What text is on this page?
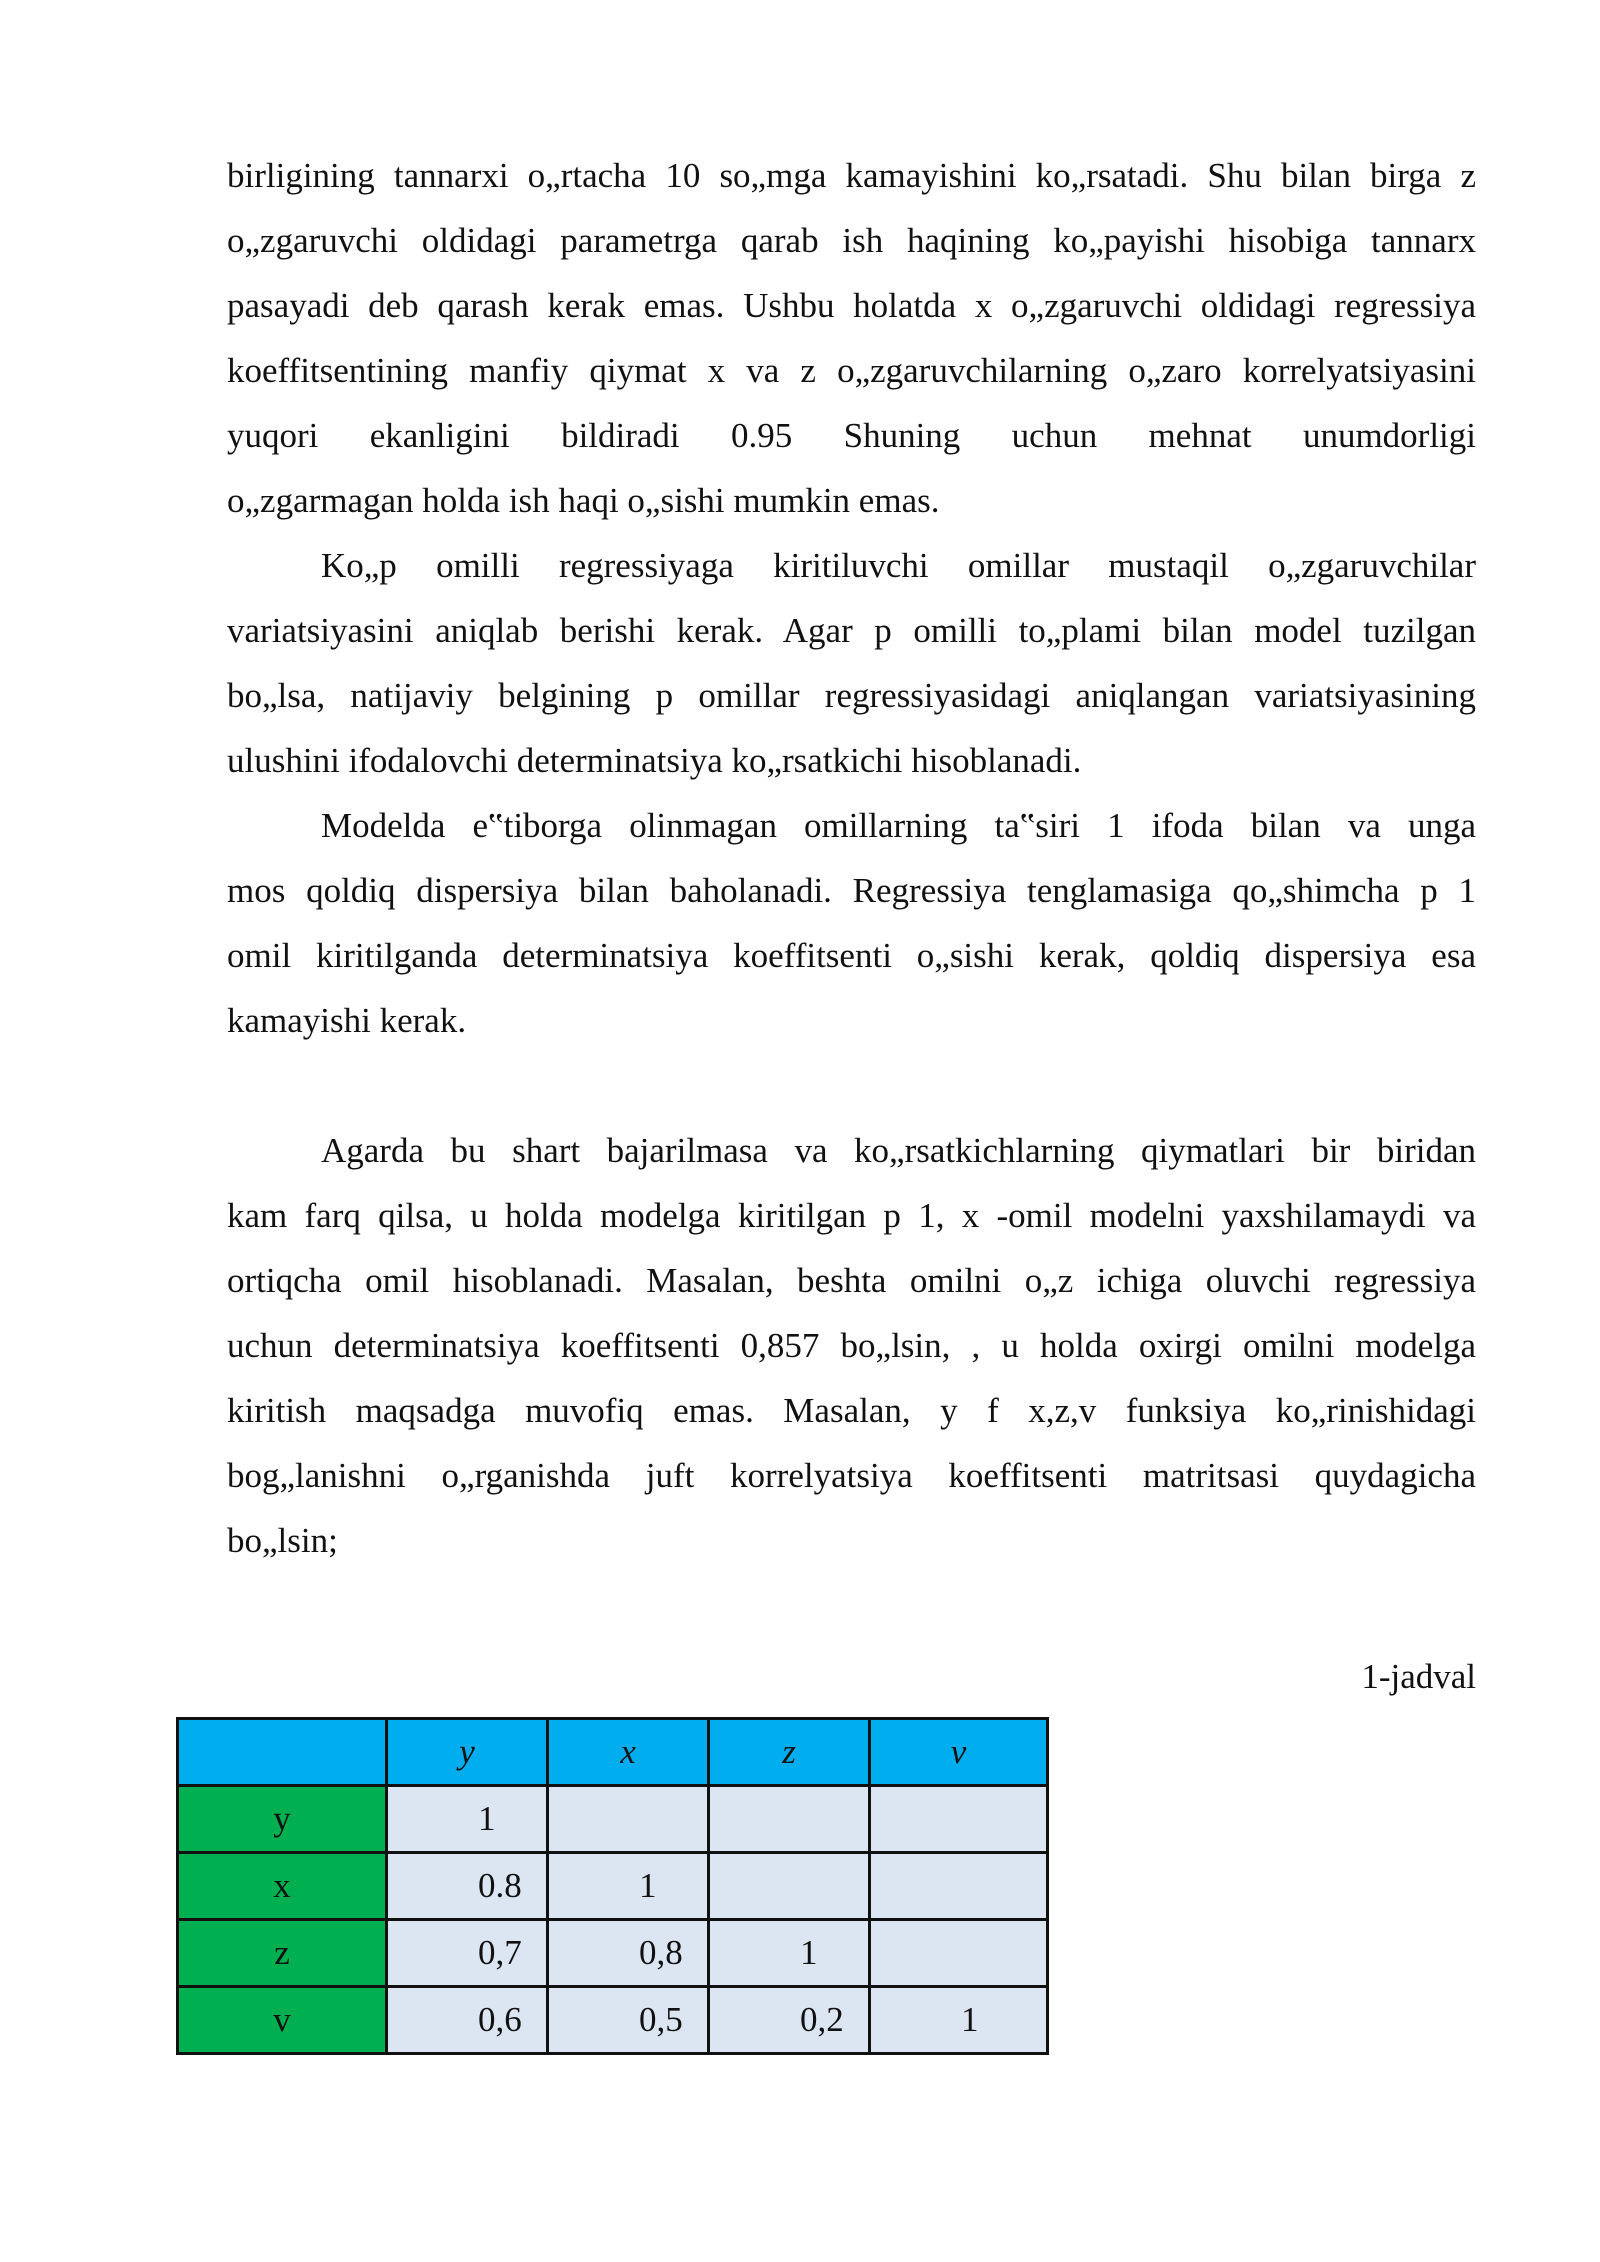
birligining tannarxi o„rtacha 10 so„mga kamayishini ko„rsatadi. Shu bilan birga z
o„zgaruvchi oldidagi parametrga qarab ish haqining ko„payishi hisobiga tannarx
pasayadi deb qarash kerak emas. Ushbu holatda x o„zgaruvchi oldidagi regressiya
koeffitsentining manfiy qiymat x va z o„zgaruvchilarning o„zaro korrelyatsiyasini
yuqori ekanligini bildiradi 0.95 Shuning uchun mehnat unumdorligi
o„zgarmagan holda ish haqi o„sishi mumkin emas.
Ko„p omilli regressiyaga kiritiluvchi omillar mustaqil o„zgaruvchilar
variatsiyasini aniqlab berishi kerak. Agar p omilli to„plami bilan model tuzilgan
bo„lsa, natijaviy belgining p omillar regressiyasidagi aniqlangan variatsiyasining
ulushini ifodalovchi determinatsiya ko„rsatkichi hisoblanadi.
Modelda e‟tiborga olinmagan omillarning ta‟siri 1 ifoda bilan va unga
mos qoldiq dispersiya bilan baholanadi. Regressiya tenglamasiga qo„shimcha p 1
omil kiritilganda determinatsiya koeffitsenti o„sishi kerak, qoldiq dispersiya esa
kamayishi kerak.
Agarda bu shart bajarilmasa va ko„rsatkichlarning qiymatlari bir biridan
kam farq qilsa, u holda modelga kiritilgan p 1, x -omil modelni yaxshilamaydi va
ortiqcha omil hisoblanadi. Masalan, beshta omilni o„z ichiga oluvchi regressiya
uchun determinatsiya koeffitsenti 0,857 bo„lsin, , u holda oxirgi omilni modelga
kiritish maqsadga muvofiq emas. Masalan, y f x,z,v funksiya ko„rinishidagi
bog„lanishni o„rganishda juft korrelyatsiya koeffitsenti matritsasi quydagicha
bo„lsin;
1-jadval
	y	x	z	v
y	1			
x	0.8	1		
z	0,7	0,8	1	
v	0,6	0,5	0,2	1
